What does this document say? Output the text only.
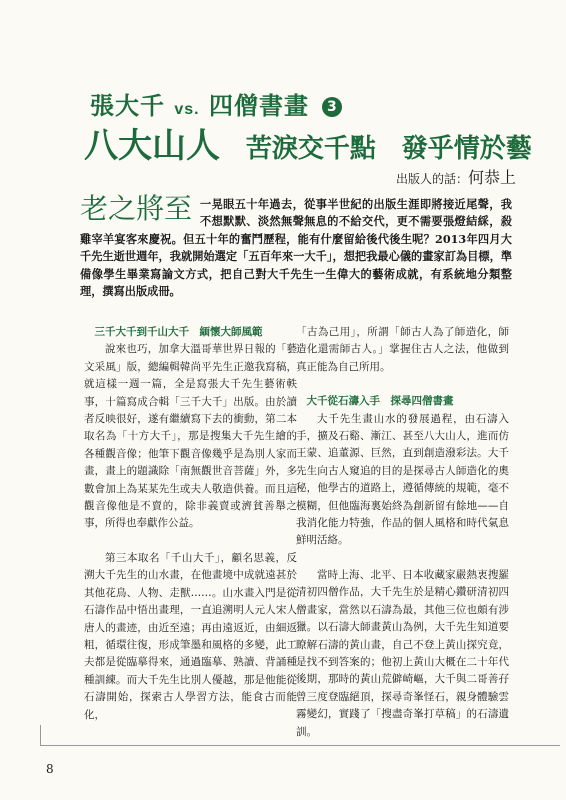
張大千 vs. 四僧書畫 3
八大山人 苦淚交千點 發乎情於藝
出版人的話：何恭上
老之將至 一晃眼五十年過去，從事半世紀的出版生涯即將接近尾聲，我不想默默、淡然無聲無息的不給交代，更不需要張燈結綵，殺雞宰羊宴客來慶祝。但五十年的奮鬥歷程，能有什麼留給後代後生呢？2013年四月大千先生逝世週年，我就開始選定「五百年來一大千」，想把我最心儀的畫家訂為目標，準備像學生畢業寫論文方式，把自己對大千先生一生偉大的藝術成就，有系統地分類整理，撰寫出版成冊。
三千大千到千山大千　緬懷大師風範

說來也巧，加拿大溫哥華世界日報的「藝文采風」版，總編輯韓尚平先生正邀我寫稿，就這樣一週一篇，全是寫張大千先生藝術軼事，十篇寫成合輯「三千大千」出版。由於讀者反映很好，遂有繼續寫下去的衝動，第二本取名為「十方大千」，那是搜集大千先生繪的各種觀音像；他筆下觀音像幾乎是為別人家而畫，畫上的題識除「南無觀世音菩薩」外，多數會加上為某某先生或夫人敬造供養。而且這觀音像他是不賣的，除非義賣或濟貧善舉之事，所得也奉獻作公益。

第三本取名「千山大千」，顧名思義，反溯大千先生的山水畫，在他畫境中成就遠甚於其他花鳥、人物、走獸……。山水畫入門是從石濤作品中悟出畫理，一直追溯明人元人宋人唐人的畫迹，由近至遠；再由遠返近，由細返粗，循環往復，形成筆墨和風格的多變，此工夫都是從臨摹得來，通過臨摹、熟讀、背誦種種訓練。而大千先生比別人優越，那是他能從石濤開始，探索古人學習方法，能食古而能化，

「古為己用」，所謂「師古人為了師造化，師造化還需師古人。」掌握住古人之法，他做到真正能為自己所用。

大千從石濤入手　探尋四僧書畫

大千先生畫山水的發展過程，由石濤入手，擴及石谿、漸江、甚至八大山人，進而仿王蒙、追董源、巨然，直到創造潑彩法。大千先生向古人窺追的目的是探尋古人師造化的奧秘，他學古的道路上，遵循傳統的規範，毫不模糊，但他臨海裏始終為創新留有餘地——自我消化能力特強，作品的個人風格和時代氣息鮮明活絡。

當時上海、北平、日本收藏家嚴熱衷搜羅清初四僧作品，大千先生於是精心鑽研清初四僧畫家，當然以石濤為最，其他三位也頗有涉獵。以石濤大師畫黃山為例，大千先生知道要瞭解石濤的黃山畫，自己不登上黃山探究竟，是找不到答案的；他初上黃山大概在二十年代後期，那時的黃山荒僻崎嶇，大千與二哥善孖曾三度登臨絕頂，探尋奇峯怪石，親身體驗雲霧變幻，實踐了「搜盡奇峯打草稿」的石濤遺訓。

8
